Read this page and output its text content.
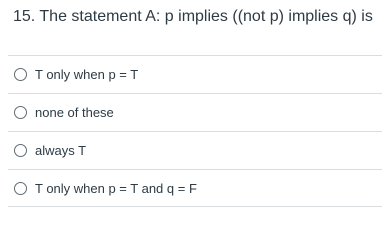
15. The statement A: p implies ((not p) implies q) is
T only when p = T
none of these
always T
T only when p = T and q = F
